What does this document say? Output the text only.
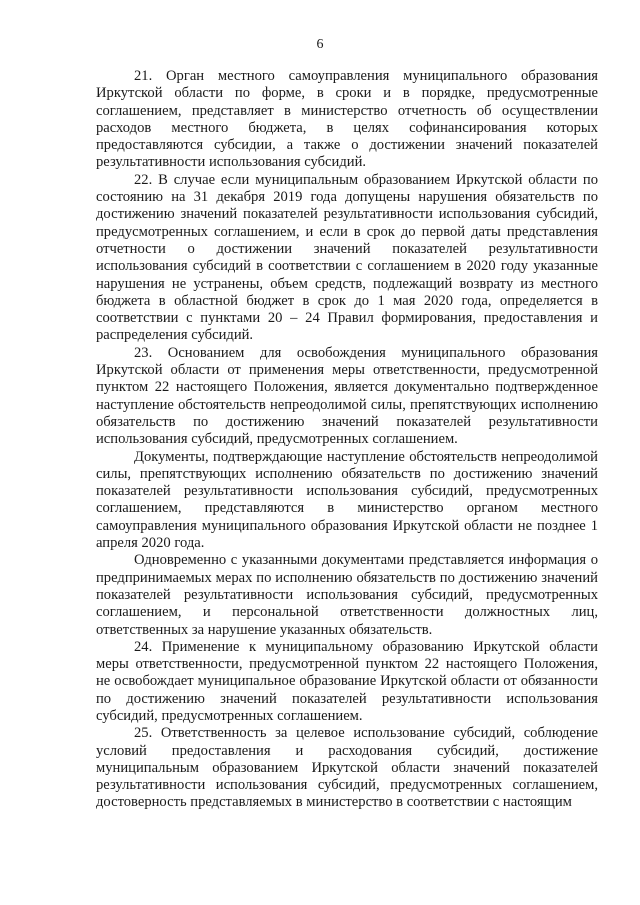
6

21. Орган местного самоуправления муниципального образования Иркутской области по форме, в сроки и в порядке, предусмотренные соглашением, представляет в министерство отчетность об осуществлении расходов местного бюджета, в целях софинансирования которых предоставляются субсидии, а также о достижении значений показателей результативности использования субсидий.

22. В случае если муниципальным образованием Иркутской области по состоянию на 31 декабря 2019 года допущены нарушения обязательств по достижению значений показателей результативности использования субсидий, предусмотренных соглашением, и если в срок до первой даты представления отчетности о достижении значений показателей результативности использования субсидий в соответствии с соглашением в 2020 году указанные нарушения не устранены, объем средств, подлежащий возврату из местного бюджета в областной бюджет в срок до 1 мая 2020 года, определяется в соответствии с пунктами 20 – 24 Правил формирования, предоставления и распределения субсидий.

23. Основанием для освобождения муниципального образования Иркутской области от применения меры ответственности, предусмотренной пунктом 22 настоящего Положения, является документально подтвержденное наступление обстоятельств непреодолимой силы, препятствующих исполнению обязательств по достижению значений показателей результативности использования субсидий, предусмотренных соглашением.

Документы, подтверждающие наступление обстоятельств непреодолимой силы, препятствующих исполнению обязательств по достижению значений показателей результативности использования субсидий, предусмотренных соглашением, представляются в министерство органом местного самоуправления муниципального образования Иркутской области не позднее 1 апреля 2020 года.

Одновременно с указанными документами представляется информация о предпринимаемых мерах по исполнению обязательств по достижению значений показателей результативности использования субсидий, предусмотренных соглашением, и персональной ответственности должностных лиц, ответственных за нарушение указанных обязательств.

24. Применение к муниципальному образованию Иркутской области меры ответственности, предусмотренной пунктом 22 настоящего Положения, не освобождает муниципальное образование Иркутской области от обязанности по достижению значений показателей результативности использования субсидий, предусмотренных соглашением.

25. Ответственность за целевое использование субсидий, соблюдение условий предоставления и расходования субсидий, достижение муниципальным образованием Иркутской области значений показателей результативности использования субсидий, предусмотренных соглашением, достоверность представляемых в министерство в соответствии с настоящим
